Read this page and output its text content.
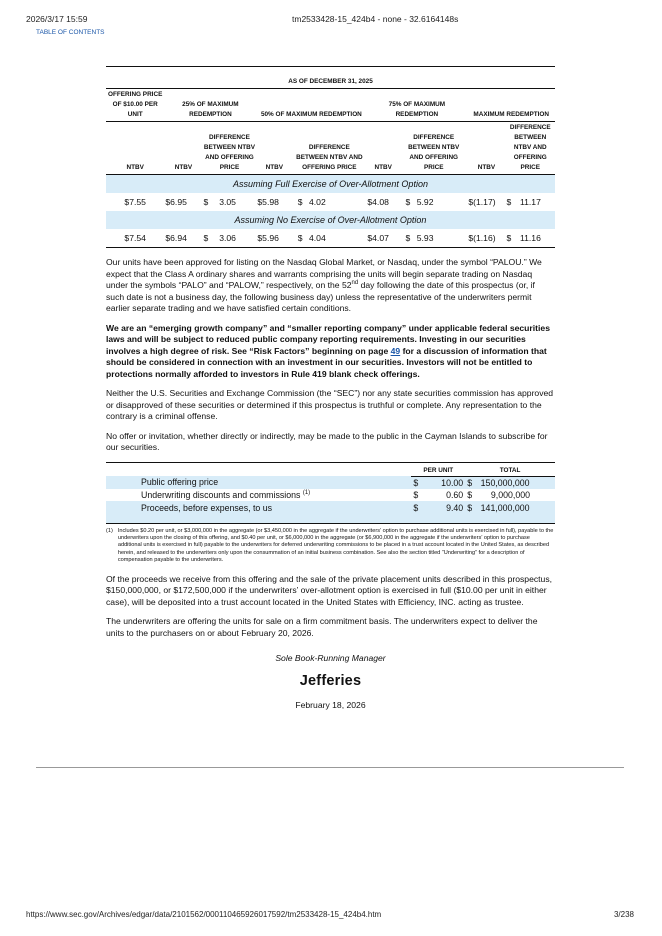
2026/3/17 15:59	tm2533428-15_424b4 - none - 32.6164148s
TABLE OF CONTENTS
AS OF DECEMBER 31, 2025												
OFFERING PRICE OF $10.00 PER UNIT	25% OF MAXIMUM REDEMPTION			50% OF MAXIMUM REDEMPTION			75% OF MAXIMUM REDEMPTION			MAXIMUM REDEMPTION		
NTBV	NTBV	DIFFERENCE BETWEEN NTBV AND OFFERING PRICE		NTBV	DIFFERENCE BETWEEN NTBV AND OFFERING PRICE		NTBV	DIFFERENCE BETWEEN NTBV AND OFFERING PRICE		NTBV	DIFFERENCE BETWEEN NTBV AND OFFERING PRICE	
Assuming Full Exercise of Over-Allotment Option												
$7.55	$6.95	$	3.05	$5.98	$	4.02	$4.08	$	5.92	$(1.17)	$	11.17
Assuming No Exercise of Over-Allotment Option												
$7.54	$6.94	$	3.06	$5.96	$	4.04	$4.07	$	5.93	$(1.16)	$	11.16

Our units have been approved for listing on the Nasdaq Global Market, or Nasdaq, under the symbol “PALOU.” We expect that the Class A ordinary shares and warrants comprising the units will begin separate trading on Nasdaq under the symbols “PALO” and “PALOW,” respectively, on the 52nd day following the date of this prospectus (or, if such date is not a business day, the following business day) unless the representative of the underwriters permit earlier separate trading and we have satisfied certain conditions.

We are an “emerging growth company” and “smaller reporting company” under applicable federal securities laws and will be subject to reduced public company reporting requirements. Investing in our securities involves a high degree of risk. See “Risk Factors” beginning on page 49 for a discussion of information that should be considered in connection with an investment in our securities. Investors will not be entitled to protections normally afforded to investors in Rule 419 blank check offerings.

Neither the U.S. Securities and Exchange Commission (the “SEC”) nor any state securities commission has approved or disapproved of these securities or determined if this prospectus is truthful or complete. Any representation to the contrary is a criminal offense.

No offer or invitation, whether directly or indirectly, may be made to the public in the Cayman Islands to subscribe for our securities.

	PER UNIT		TOTAL	
Public offering price	$	10.00	$	150,000,000
Underwriting discounts and commissions $^{(1)}$	$	0.60	$	9,000,000
Proceeds, before expenses, to us	$	9.40	$	141,000,000
(1) Includes $0.20 per unit, or $3,000,000 in the aggregate (or $3,450,000 in the aggregate if the underwriters’ option to purchase additional units is exercised in full), payable to the underwriters upon the closing of this offering, and $0.40 per unit, or $6,000,000 in the aggregate (or $6,900,000 in the aggregate if the underwriters’ option to purchase additional units is exercised in full) payable to the underwriters for deferred underwriting commissions to be placed in a trust account located in the United States, as described herein, and released to the underwriters only upon the consummation of an initial business combination. See also the section titled “Underwriting” for a description of compensation payable to the underwriters.

Of the proceeds we receive from this offering and the sale of the private placement units described in this prospectus, $150,000,000, or $172,500,000 if the underwriters’ over-allotment option is exercised in full ($10.00 per unit in either case), will be deposited into a trust account located in the United States with Efficiency, INC. acting as trustee.

The underwriters are offering the units for sale on a firm commitment basis. The underwriters expect to deliver the units to the purchasers on or about February 20, 2026.

Sole Book-Running Manager
Jefferies
February 18, 2026
https://www.sec.gov/Archives/edgar/data/2101562/000110465926017592/tm2533428-15_424b4.htm	3/238
